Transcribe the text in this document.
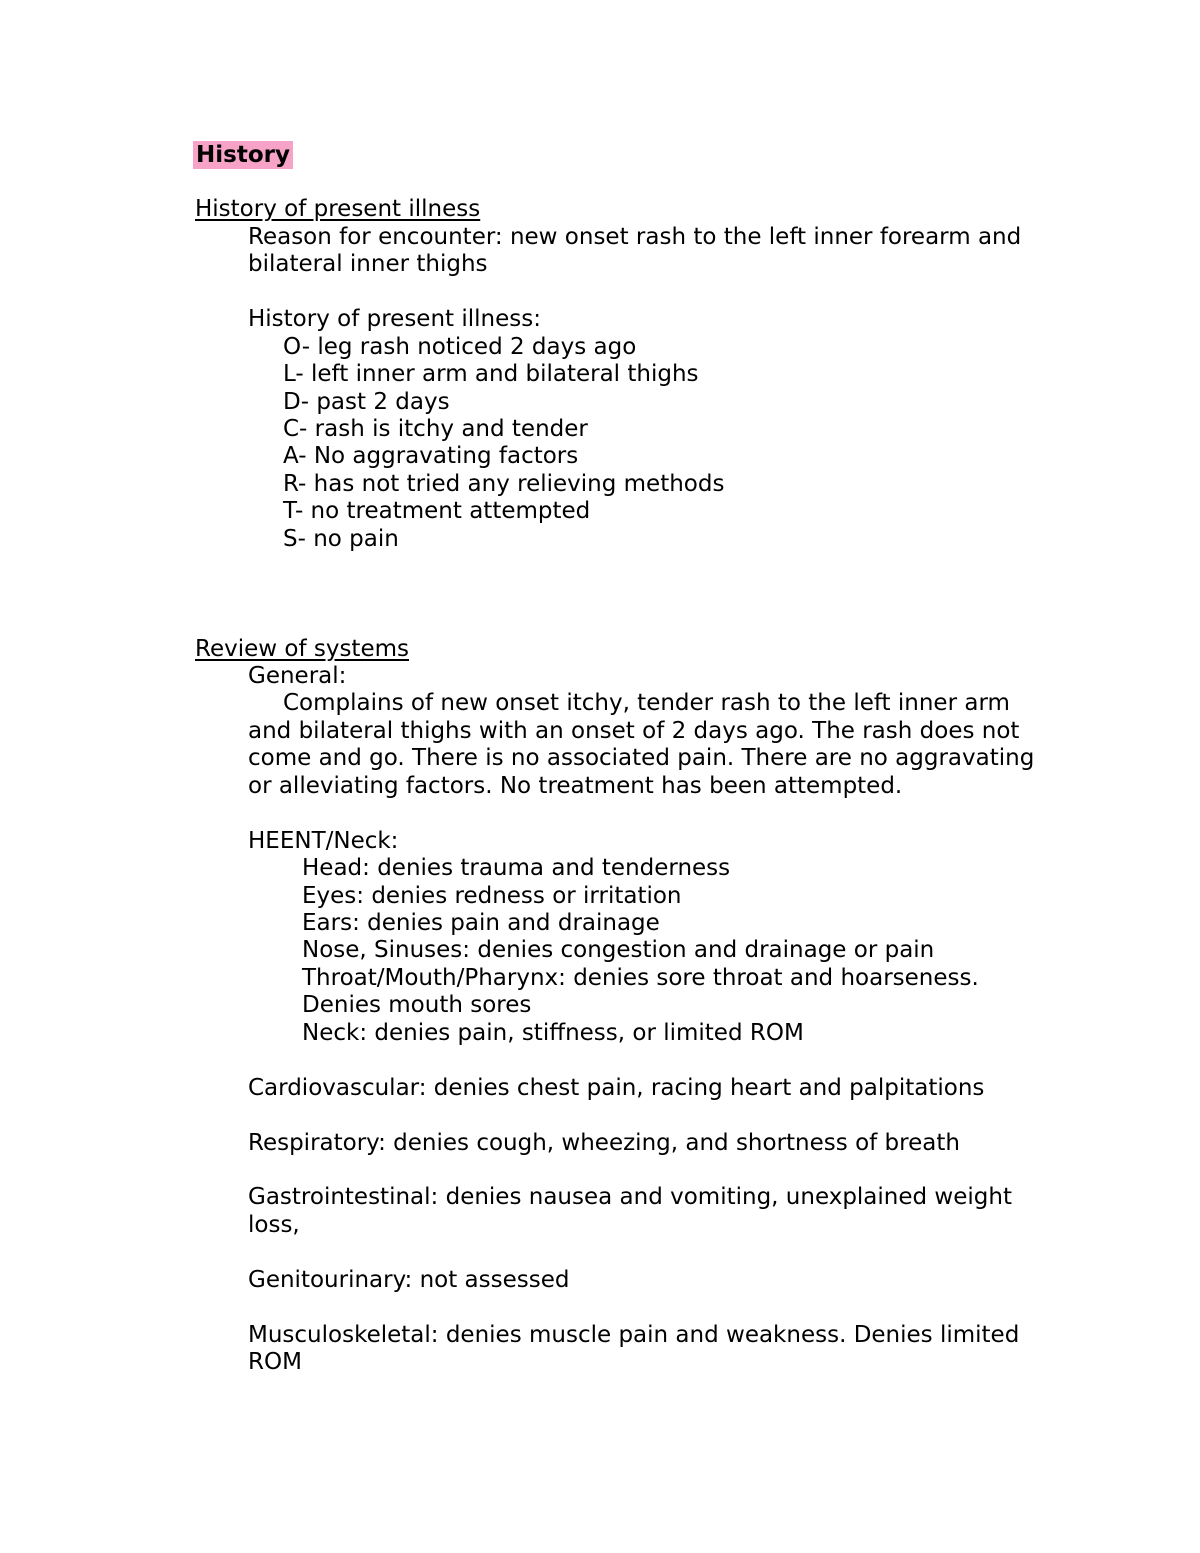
History
History of present illness
Reason for encounter: new onset rash to the left inner forearm and
bilateral inner thighs
History of present illness:
O- leg rash noticed 2 days ago
L- left inner arm and bilateral thighs
D- past 2 days
C- rash is itchy and tender
A- No aggravating factors
R- has not tried any relieving methods
T- no treatment attempted
S- no pain
Review of systems
General:
Complains of new onset itchy, tender rash to the left inner arm
and bilateral thighs with an onset of 2 days ago. The rash does not
come and go. There is no associated pain. There are no aggravating
or alleviating factors. No treatment has been attempted.
HEENT/Neck:
Head: denies trauma and tenderness
Eyes: denies redness or irritation
Ears: denies pain and drainage
Nose, Sinuses: denies congestion and drainage or pain
Throat/Mouth/Pharynx: denies sore throat and hoarseness.
Denies mouth sores
Neck: denies pain, stiffness, or limited ROM
Cardiovascular: denies chest pain, racing heart and palpitations
Respiratory: denies cough, wheezing, and shortness of breath
Gastrointestinal: denies nausea and vomiting, unexplained weight
loss,
Genitourinary: not assessed
Musculoskeletal: denies muscle pain and weakness. Denies limited
ROM
